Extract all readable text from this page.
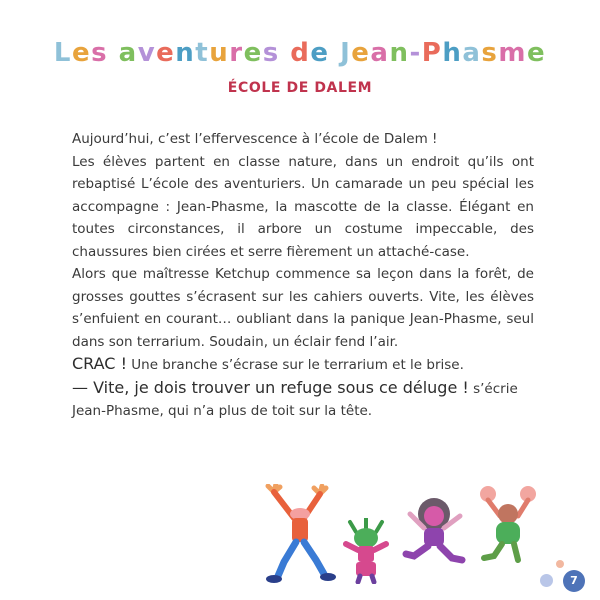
Les aventures de Jean-Phasme
ÉCOLE DE DALEM

Aujourd’hui, c’est l’effervescence à l’école de Dalem !

Les élèves partent en classe nature, dans un endroit qu’ils ont rebaptisé L’école des aventuriers. Un camarade un peu spécial les accompagne : Jean-Phasme, la mascotte de la classe. Élégant en toutes circonstances, il arbore un costume impeccable, des chaussures bien cirées et serre fièrement un attaché-case.

Alors que maîtresse Ketchup commence sa leçon dans la forêt, de grosses gouttes s’écrasent sur les cahiers ouverts. Vite, les élèves s’enfuient en courant… oubliant dans la panique Jean-Phasme, seul dans son terrarium. Soudain, un éclair fend l’air.

CRAC ! Une branche s’écrase sur le terrarium et le brise.

— Vite, je dois trouver un refuge sous ce déluge ! s’écrie Jean-Phasme, qui n’a plus de toit sur la tête.

7
